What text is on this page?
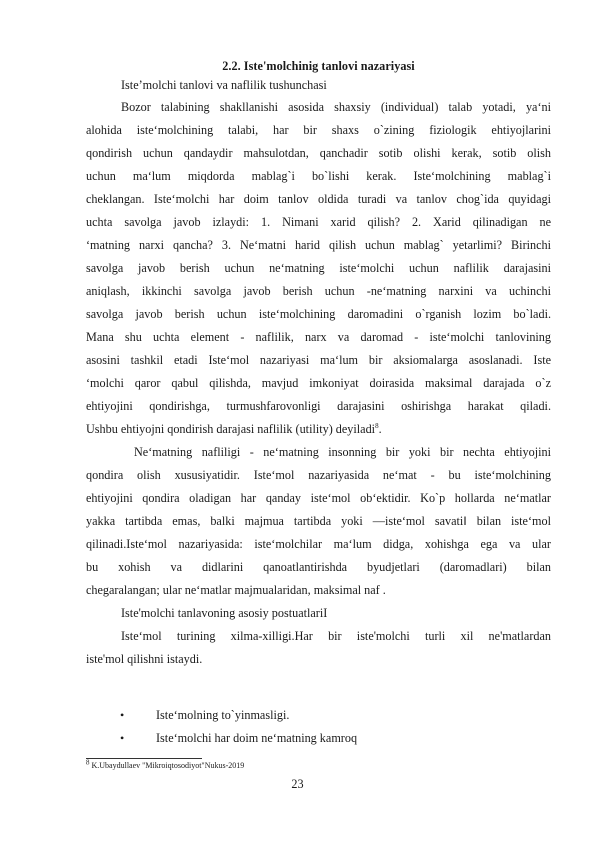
2.2. Iste'molchinig tanlovi nazariyasi
Iste’molchi tanlovi va naflilik tushunchasi
Bozor talabining shakllanishi asosida shaxsiy (individual) talab yotadi, ya‘ni
alohida iste‘molchining talabi, har bir shaxs o`zining fiziologik ehtiyojlarini
qondirish uchun qandaydir mahsulotdan, qanchadir sotib olishi kerak, sotib olish
uchun ma‘lum miqdorda mablag`i bo`lishi kerak. Iste‘molchining mablag`i
cheklangan. Iste‘molchi har doim tanlov oldida turadi va tanlov chog`ida quyidagi
uchta savolga javob izlaydi: 1. Nimani xarid qilish? 2. Xarid qilinadigan ne
‘matning narxi qancha? 3. Ne‘matni harid qilish uchun mablag` yetarlimi? Birinchi
savolga javob berish uchun ne‘matning iste‘molchi uchun naflilik darajasini
aniqlash, ikkinchi savolga javob berish uchun -ne‘matning narxini va uchinchi
savolga javob berish uchun iste‘molchining daromadini o`rganish lozim bo`ladi.
Mana shu uchta element - naflilik, narx va daromad - iste‘molchi tanlovining
asosini tashkil etadi Iste‘mol nazariyasi ma‘lum bir aksiomalarga asoslanadi. Iste
‘molchi qaror qabul qilishda, mavjud imkoniyat doirasida maksimal darajada o`z
ehtiyojini qondirishga, turmushfarovonligi darajasini oshirishga harakat qiladi.
Ushbu ehtiyojni qondirish darajasi naflilik (utility) deyiladi$^8$.
Ne‘matning nafliligi - ne‘matning insonning bir yoki bir nechta ehtiyojini
qondira olish xususiyatidir. Iste‘mol nazariyasida ne‘mat - bu iste‘molchining
ehtiyojini qondira oladigan har qanday iste‘mol ob‘ektidir. Ko`p hollarda ne‘matlar
yakka tartibda emas, balki majmua tartibda yoki ―iste‘mol savati‖ bilan iste‘mol
qilinadi.Iste‘mol nazariyasida: iste‘molchilar ma‘lum didga, xohishga ega va ular
bu xohish va didlarini qanoatlantirishda byudjetlari (daromadlari) bilan
chegaralangan; ular ne‘matlar majmualaridan, maksimal naf .
Iste'molchi tanlavoning asosiy postuatlariI
Iste‘mol turining xilma-xilligi.Har bir iste'molchi turli xil ne'matlardan
iste'mol qilishni istaydi.
•	Iste‘molning to`yinmasligi.
•	Iste‘molchi har doim ne‘matning kamroq
$^8$ K.Ubaydullaev "Mikroiqtosodiyot"Nukus-2019
23
